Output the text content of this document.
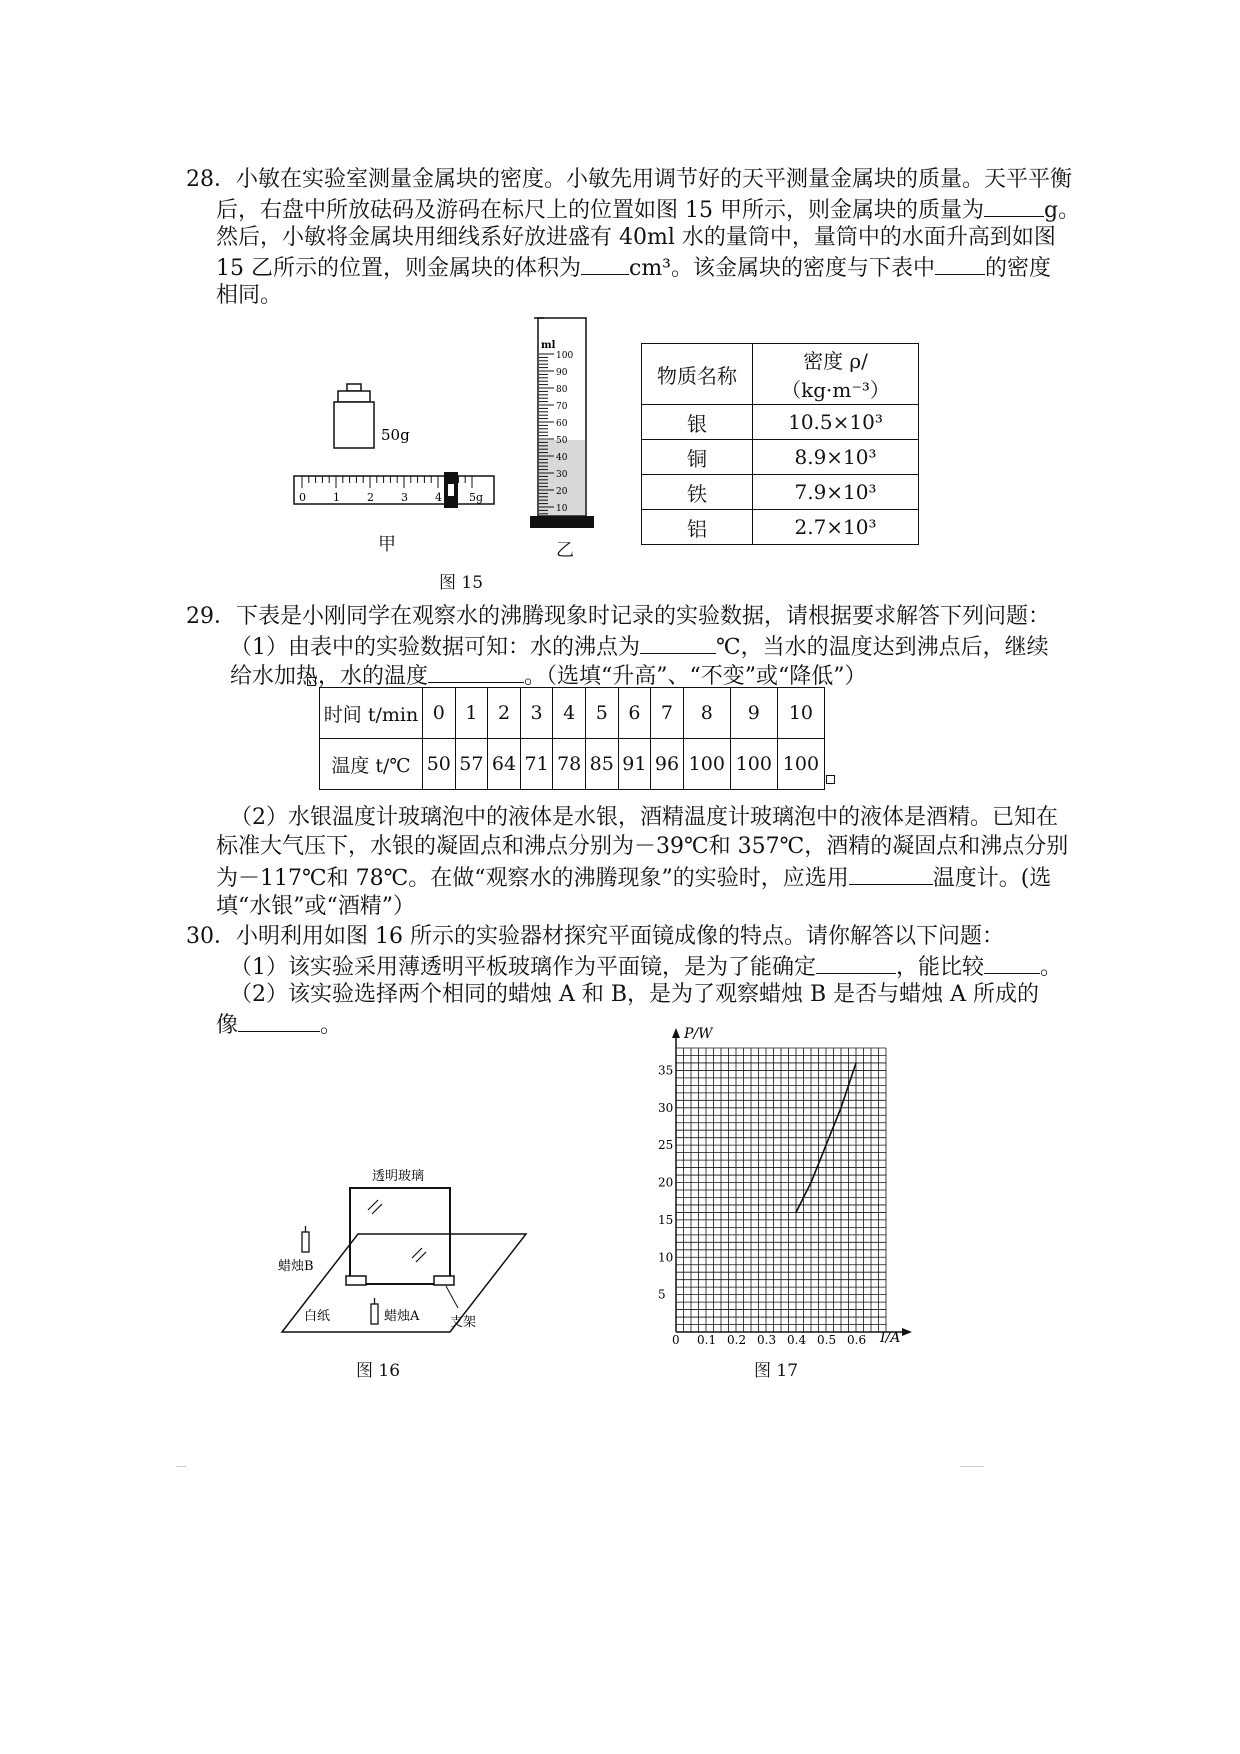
28．小敏在实验室测量金属块的密度。小敏先用调节好的天平测量金属块的质量。天平平衡
后，右盘中所放砝码及游码在标尺上的位置如图 15 甲所示，则金属块的质量为	g。
然后，小敏将金属块用细线系好放进盛有 40ml 水的量筒中，量筒中的水面升高到如图
15 乙所示的位置，则金属块的体积为 cm³。该金属块的密度与下表中 的密度
相同。
50g
0 1 2 3 4 5 g
甲
100
90
80
70
60
50
40
30
20
10
ml
乙
图 15
物质名称	密度 ρ/（kg·m⁻³）
银	10.5×10³
铜	8.9×10³
铁	7.9×10³
铝	2.7×10³
29．下表是小刚同学在观察水的沸腾现象时记录的实验数据，请根据要求解答下列问题：
（1）由表中的实验数据可知：水的沸点为	℃，当水的温度达到沸点后，继续
给水加热，水的温度	。（选填“升高”、“不变”或“降低”）
时间 t/min	0	1	2	3	4	5	6	7	8	9	10
温度 t/℃	50	57	64	71	78	85	91	96	100	100	100
（2）水银温度计玻璃泡中的液体是水银，酒精温度计玻璃泡中的液体是酒精。已知在
标准大气压下，水银的凝固点和沸点分别为－39℃和 357℃，酒精的凝固点和沸点分别
为－117℃和 78℃。在做“观察水的沸腾现象”的实验时，应选用	温度计。(选
填“水银”或“酒精”）
30．小明利用如图 16 所示的实验器材探究平面镜成像的特点。请你解答以下问题：
（1）该实验采用薄透明平板玻璃作为平面镜，是为了能确定	，能比较	。
（2）该实验选择两个相同的蜡烛 A 和 B，是为了观察蜡烛 B 是否与蜡烛 A 所成的
像	。
透明玻璃
蜡烛B
蜡烛A
白纸	支架
图 16
0 0.1 0.2 0.3 0.4 0.5 0.6
5
10
15
20
25
30
35
P/W
I/A
图 17
